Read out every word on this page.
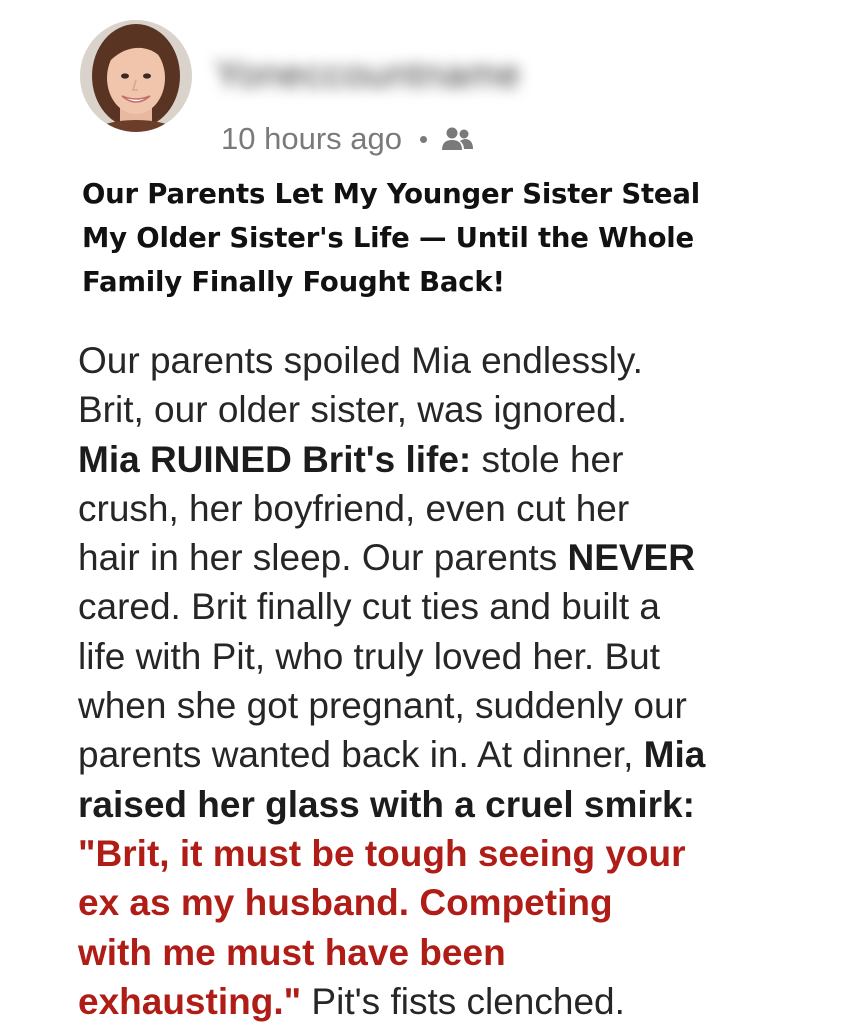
Yoneccountname
10 hours ago
Our Parents Let My Younger Sister Steal
My Older Sister's Life — Until the Whole
Family Finally Fought Back!
Our parents spoiled Mia endlessly.
Brit, our older sister, was ignored.
Mia RUINED Brit's life: stole her
crush, her boyfriend, even cut her
hair in her sleep. Our parents NEVER
cared. Brit finally cut ties and built a
life with Pit, who truly loved her. But
when she got pregnant, suddenly our
parents wanted back in. At dinner, Mia
raised her glass with a cruel smirk:
"Brit, it must be tough seeing your
ex as my husband. Competing
with me must have been
exhausting." Pit's fists clenched.
